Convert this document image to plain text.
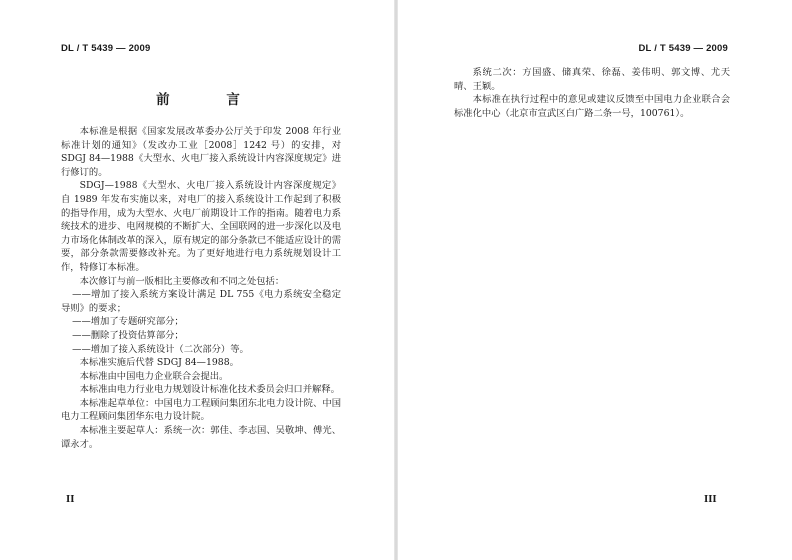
DL / T 5439 — 2009
前 言

本标准是根据《国家发展改革委办公厅关于印发 2008 年行业标准计划的通知》（发改办工业［2008］1242 号）的安排，对 SDGJ 84—1988《大型水、火电厂接入系统设计内容深度规定》进行修订的。

SDGJ—1988《大型水、火电厂接入系统设计内容深度规定》自 1989 年发布实施以来，对电厂的接入系统设计工作起到了积极的指导作用，成为大型水、火电厂前期设计工作的指南。随着电力系统技术的进步、电网规模的不断扩大、全国联网的进一步深化以及电力市场化体制改革的深入，原有规定的部分条款已不能适应设计的需要，部分条款需要修改补充。为了更好地进行电力系统规划设计工作，特修订本标准。

本次修订与前一版相比主要修改和不同之处包括：

——增加了接入系统方案设计满足 DL 755《电力系统安全稳定导则》的要求；

——增加了专题研究部分；

——删除了投资估算部分；

——增加了接入系统设计（二次部分）等。

本标准实施后代替 SDGJ 84—1988。

本标准由中国电力企业联合会提出。

本标准由电力行业电力规划设计标准化技术委员会归口并解释。

本标准起草单位：中国电力工程顾问集团东北电力设计院、中国电力工程顾问集团华东电力设计院。

本标准主要起草人：系统一次：郭佳、李志国、吴敬坤、傅光、谭永才。

II
DL / T 5439 — 2009

系统二次：方国盛、储真荣、徐磊、姜伟明、郭文博、尤天晴、王颖。

本标准在执行过程中的意见或建议反馈至中国电力企业联合会标准化中心（北京市宣武区白广路二条一号，100761）。

III
